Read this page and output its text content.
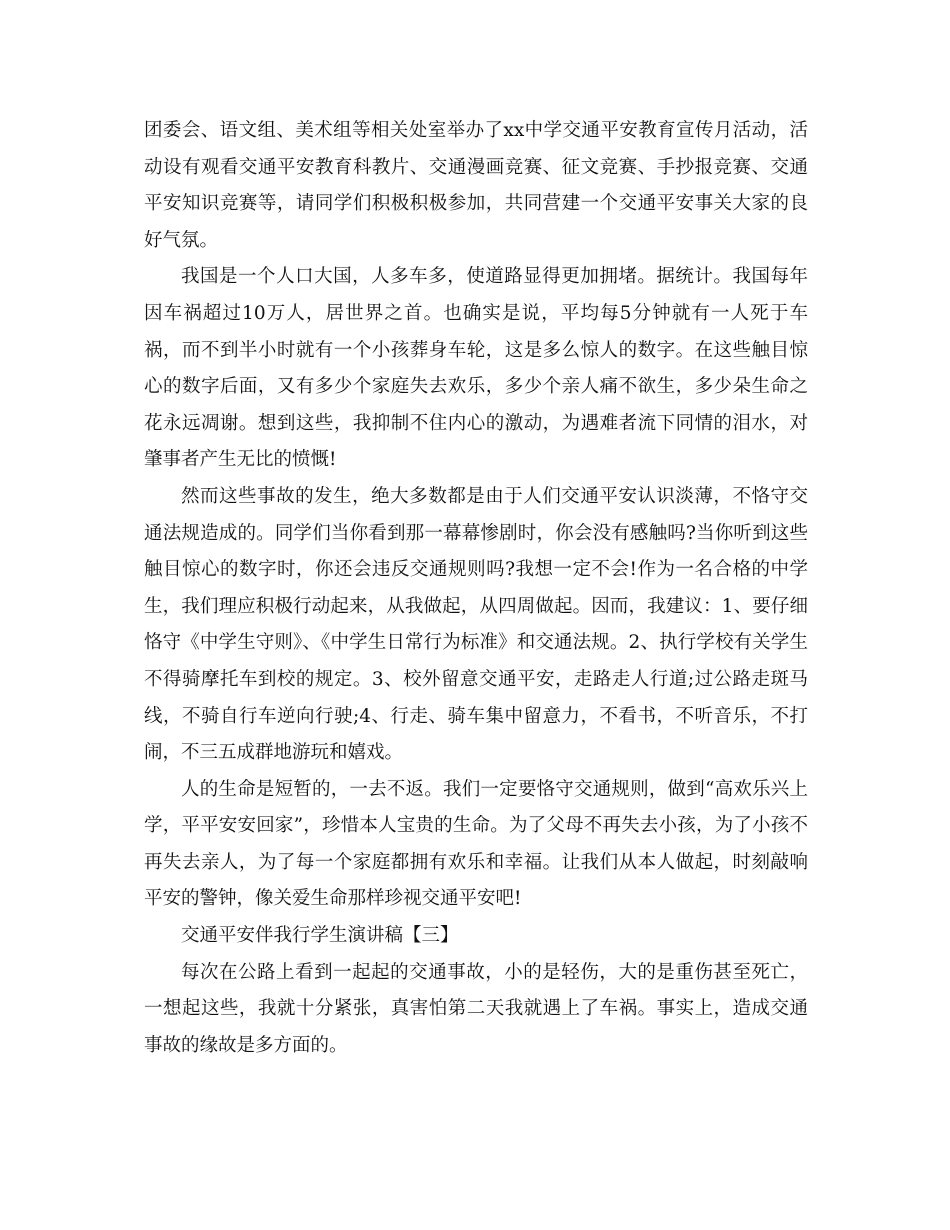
团委会、语文组、美术组等相关处室举办了xx中学交通平安教育宣传月活动，活动设有观看交通平安教育科教片、交通漫画竞赛、征文竞赛、手抄报竞赛、交通平安知识竞赛等，请同学们积极积极参加，共同营建一个交通平安事关大家的良好气氛。

我国是一个人口大国，人多车多，使道路显得更加拥堵。据统计。我国每年因车祸超过10万人，居世界之首。也确实是说，平均每5分钟就有一人死于车祸，而不到半小时就有一个小孩葬身车轮，这是多么惊人的数字。在这些触目惊心的数字后面，又有多少个家庭失去欢乐，多少个亲人痛不欲生，多少朵生命之花永远凋谢。想到这些，我抑制不住内心的激动，为遇难者流下同情的泪水，对肇事者产生无比的愤慨!

然而这些事故的发生，绝大多数都是由于人们交通平安认识淡薄，不恪守交通法规造成的。同学们当你看到那一幕幕惨剧时，你会没有感触吗?当你听到这些触目惊心的数字时，你还会违反交通规则吗?我想一定不会!作为一名合格的中学生，我们理应积极行动起来，从我做起，从四周做起。因而，我建议：1、要仔细恪守《中学生守则》、《中学生日常行为标准》和交通法规。2、执行学校有关学生不得骑摩托车到校的规定。3、校外留意交通平安，走路走人行道;过公路走斑马线，不骑自行车逆向行驶;4、行走、骑车集中留意力，不看书，不听音乐，不打闹，不三五成群地游玩和嬉戏。

人的生命是短暂的，一去不返。我们一定要恪守交通规则，做到“高欢乐兴上学，平平安安回家”，珍惜本人宝贵的生命。为了父母不再失去小孩，为了小孩不再失去亲人，为了每一个家庭都拥有欢乐和幸福。让我们从本人做起，时刻敲响平安的警钟，像关爱生命那样珍视交通平安吧!

交通平安伴我行学生演讲稿【三】

每次在公路上看到一起起的交通事故，小的是轻伤，大的是重伤甚至死亡，一想起这些，我就十分紧张，真害怕第二天我就遇上了车祸。事实上，造成交通事故的缘故是多方面的。
